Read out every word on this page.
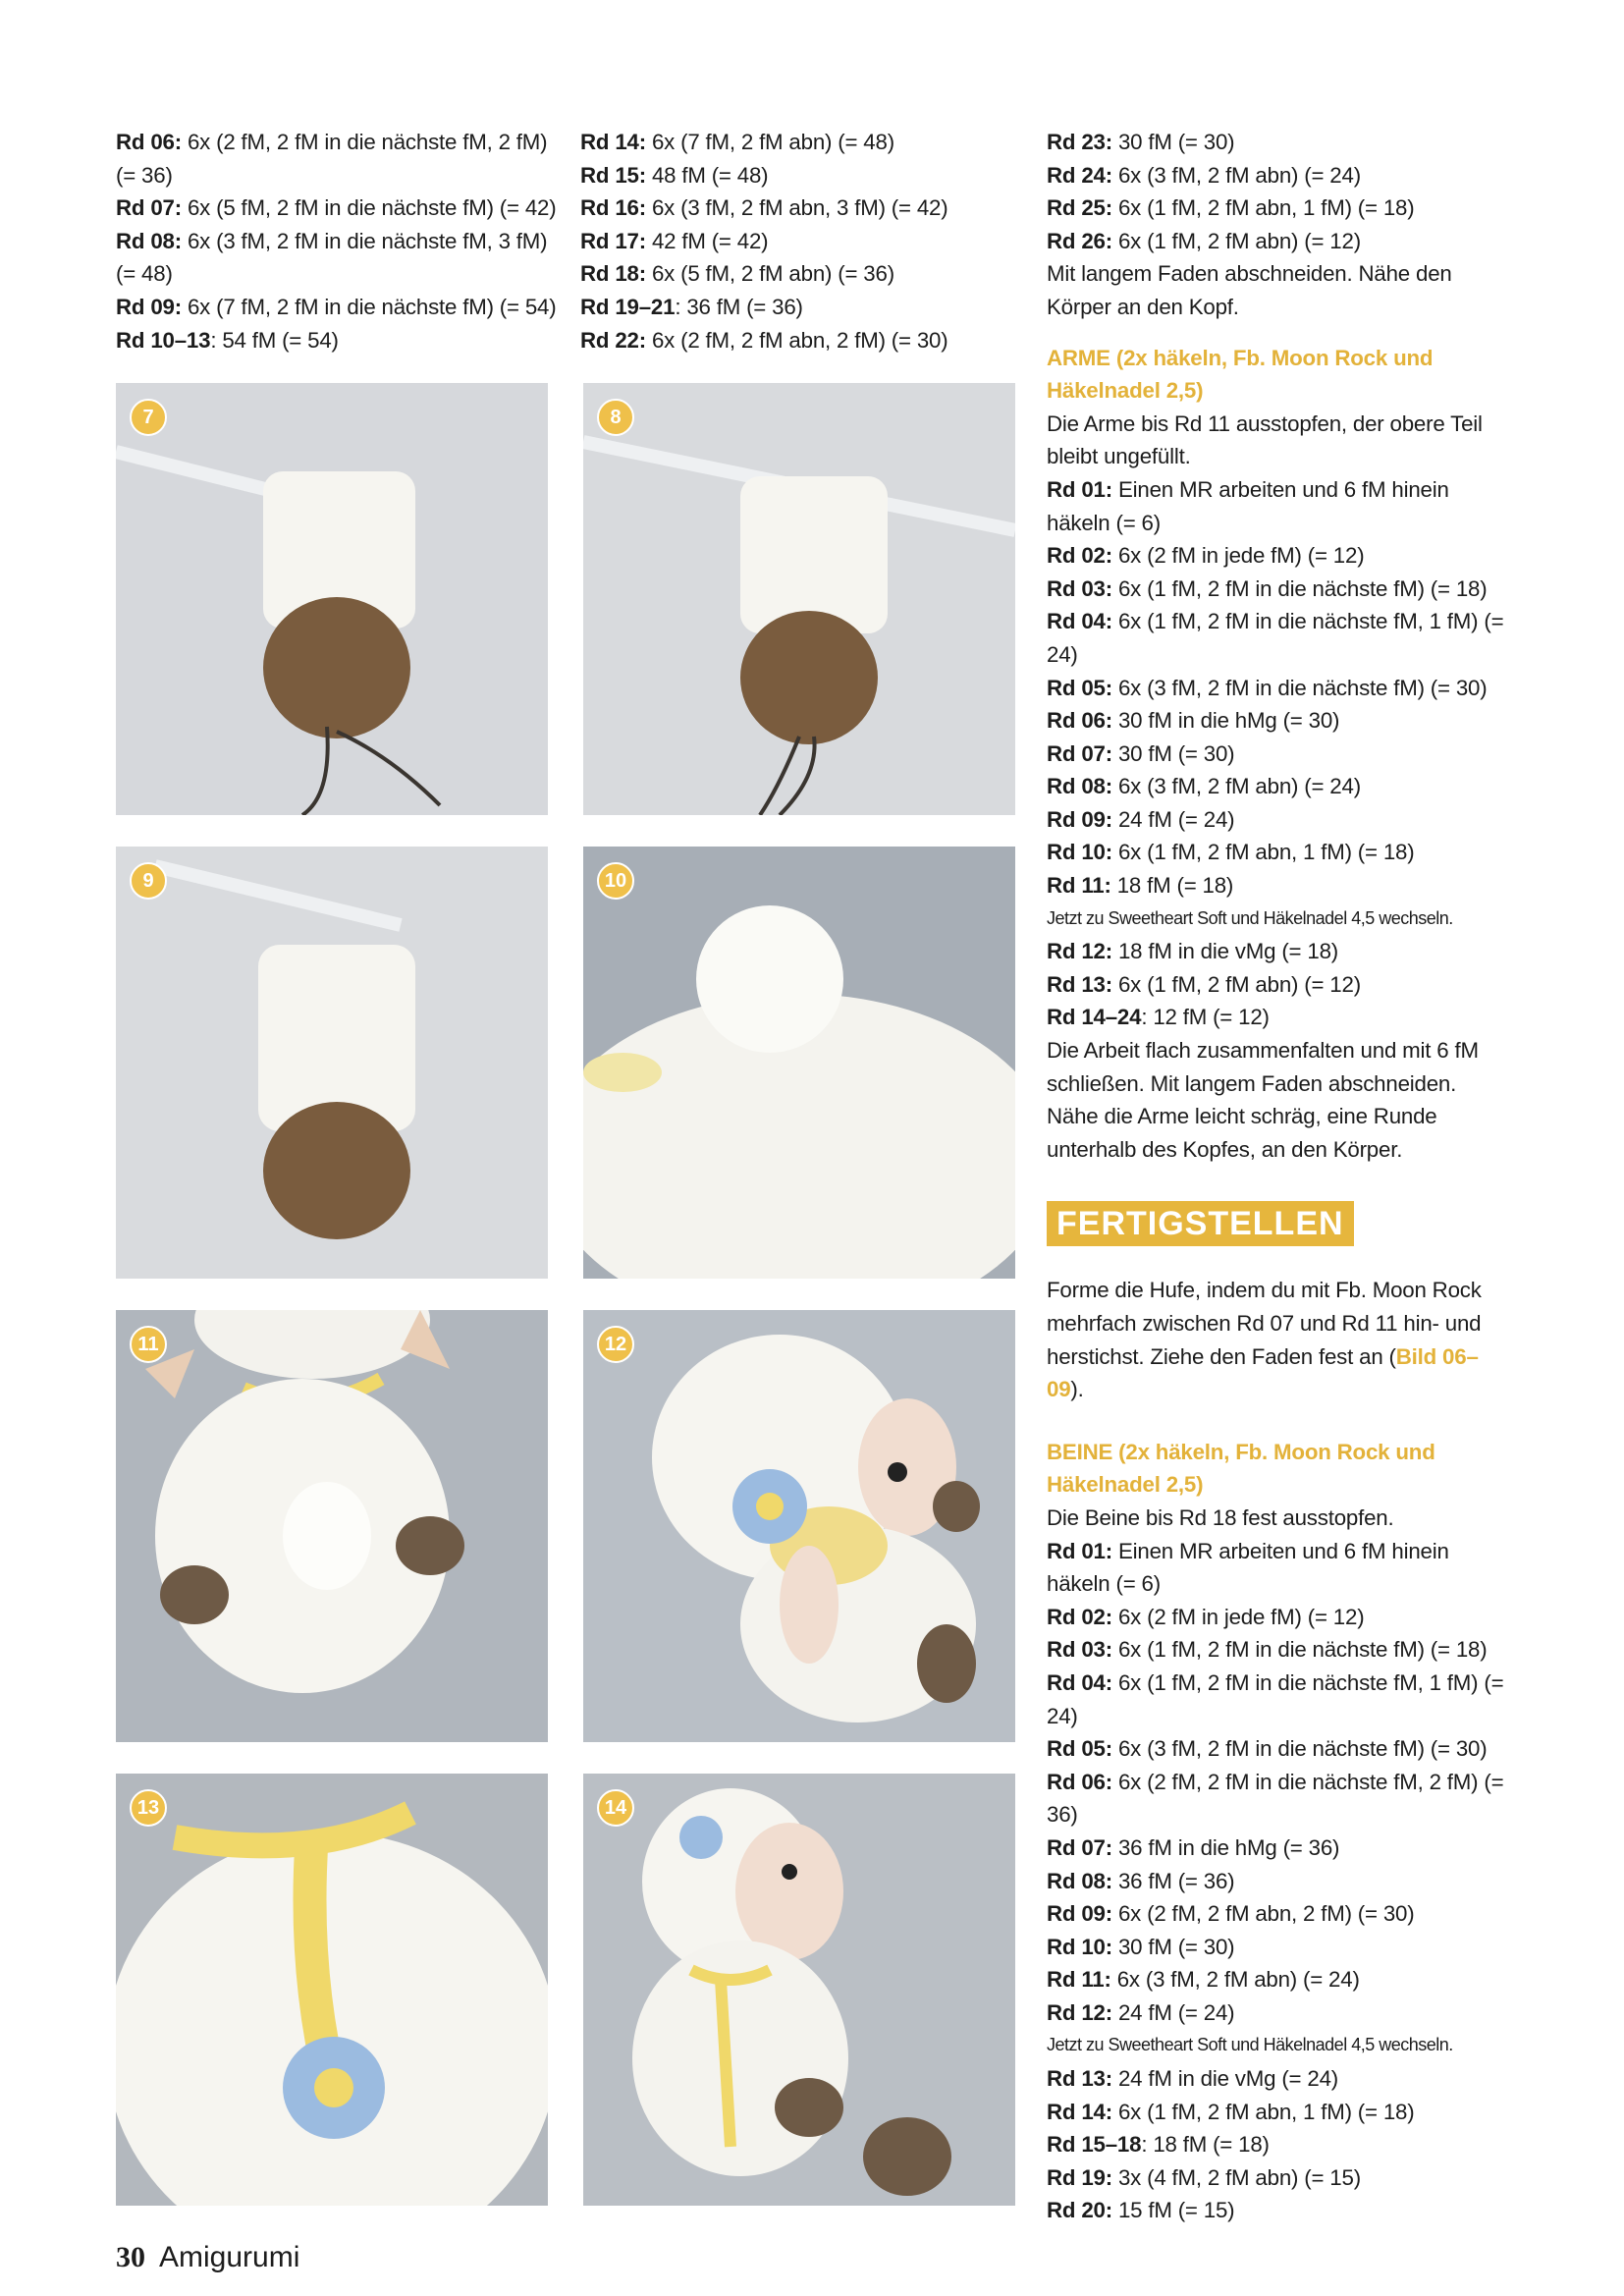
Rd 06: 6x (2 fM, 2 fM in die nächste fM, 2 fM) (= 36)

Rd 07: 6x (5 fM, 2 fM in die nächste fM) (= 42)

Rd 08: 6x (3 fM, 2 fM in die nächste fM, 3 fM) (= 48)

Rd 09: 6x (7 fM, 2 fM in die nächste fM) (= 54)

Rd 10–13: 54 fM (= 54)

Rd 14: 6x (7 fM, 2 fM abn) (= 48)

Rd 15: 48 fM (= 48)

Rd 16: 6x (3 fM, 2 fM abn, 3 fM) (= 42)

Rd 17: 42 fM (= 42)

Rd 18: 6x (5 fM, 2 fM abn) (= 36)

Rd 19–21: 36 fM (= 36)

Rd 22: 6x (2 fM, 2 fM abn, 2 fM) (= 30)

Rd 23: 30 fM (= 30)

Rd 24: 6x (3 fM, 2 fM abn) (= 24)

Rd 25: 6x (1 fM, 2 fM abn, 1 fM) (= 18)

Rd 26: 6x (1 fM, 2 fM abn) (= 12)

Mit langem Faden abschneiden. Nähe den Körper an den Kopf.

ARME (2x häkeln, Fb. Moon Rock und Häkelnadel 2,5)

Die Arme bis Rd 11 ausstopfen, der obere Teil bleibt ungefüllt.

Rd 01: Einen MR arbeiten und 6 fM hinein häkeln (= 6)

Rd 02: 6x (2 fM in jede fM) (= 12)

Rd 03: 6x (1 fM, 2 fM in die nächste fM) (= 18)

Rd 04: 6x (1 fM, 2 fM in die nächste fM, 1 fM) (= 24)

Rd 05: 6x (3 fM, 2 fM in die nächste fM) (= 30)

Rd 06: 30 fM in die hMg (= 30)

Rd 07: 30 fM (= 30)

Rd 08: 6x (3 fM, 2 fM abn) (= 24)

Rd 09: 24 fM (= 24)

Rd 10: 6x (1 fM, 2 fM abn, 1 fM) (= 18)

Rd 11: 18 fM (= 18)

Jetzt zu Sweetheart Soft und Häkelnadel 4,5 wechseln.

Rd 12: 18 fM in die vMg (= 18)

Rd 13: 6x (1 fM, 2 fM abn) (= 12)

Rd 14–24: 12 fM (= 12)

Die Arbeit flach zusammenfalten und mit 6 fM schließen. Mit langem Faden abschneiden. Nähe die Arme leicht schräg, eine Runde unterhalb des Kopfes, an den Körper.

FERTIGSTELLEN

Forme die Hufe, indem du mit Fb. Moon Rock mehrfach zwischen Rd 07 und Rd 11 hin- und herstichst. Ziehe den Faden fest an (Bild 06–09).

BEINE (2x häkeln, Fb. Moon Rock und Häkelnadel 2,5)

Die Beine bis Rd 18 fest ausstopfen.

Rd 01: Einen MR arbeiten und 6 fM hinein häkeln (= 6)

Rd 02: 6x (2 fM in jede fM) (= 12)

Rd 03: 6x (1 fM, 2 fM in die nächste fM) (= 18)

Rd 04: 6x (1 fM, 2 fM in die nächste fM, 1 fM) (= 24)

Rd 05: 6x (3 fM, 2 fM in die nächste fM) (= 30)

Rd 06: 6x (2 fM, 2 fM in die nächste fM, 2 fM) (= 36)

Rd 07: 36 fM in die hMg (= 36)

Rd 08: 36 fM (= 36)

Rd 09: 6x (2 fM, 2 fM abn, 2 fM) (= 30)

Rd 10: 30 fM (= 30)

Rd 11: 6x (3 fM, 2 fM abn) (= 24)

Rd 12: 24 fM (= 24)

Jetzt zu Sweetheart Soft und Häkelnadel 4,5 wechseln.

Rd 13: 24 fM in die vMg (= 24)

Rd 14: 6x (1 fM, 2 fM abn, 1 fM) (= 18)

Rd 15–18: 18 fM (= 18)

Rd 19: 3x (4 fM, 2 fM abn) (= 15)

Rd 20: 15 fM (= 15)

7	8
9	10
11	12
13	14
30 Amigurumi
